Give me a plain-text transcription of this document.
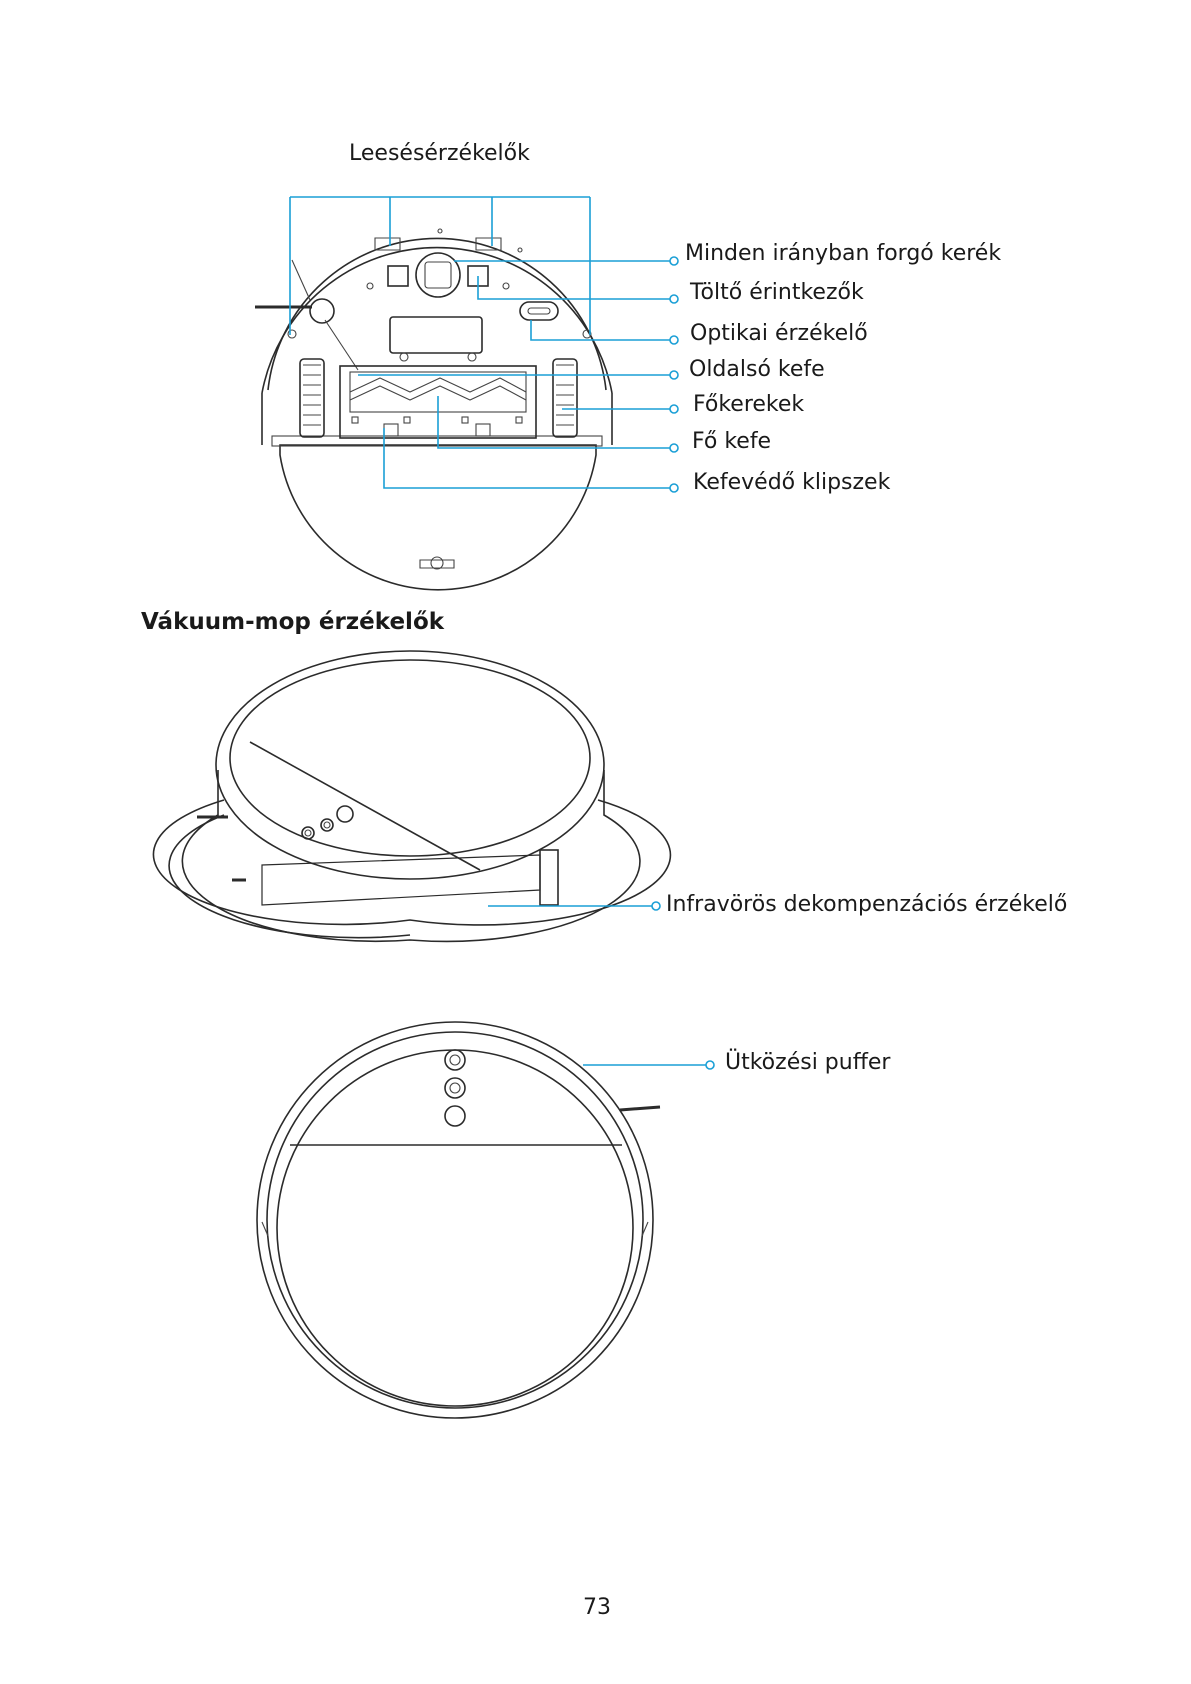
Leesésérzékelők
Minden irányban forgó kerék
Töltő érintkezők
Optikai érzékelő
Oldalsó kefe
Főkerekek
Fő kefe
Kefevédő klipszek
Vákuum-mop érzékelők
Infravörös dekompenzációs érzékelő
Ütközési puffer
73
